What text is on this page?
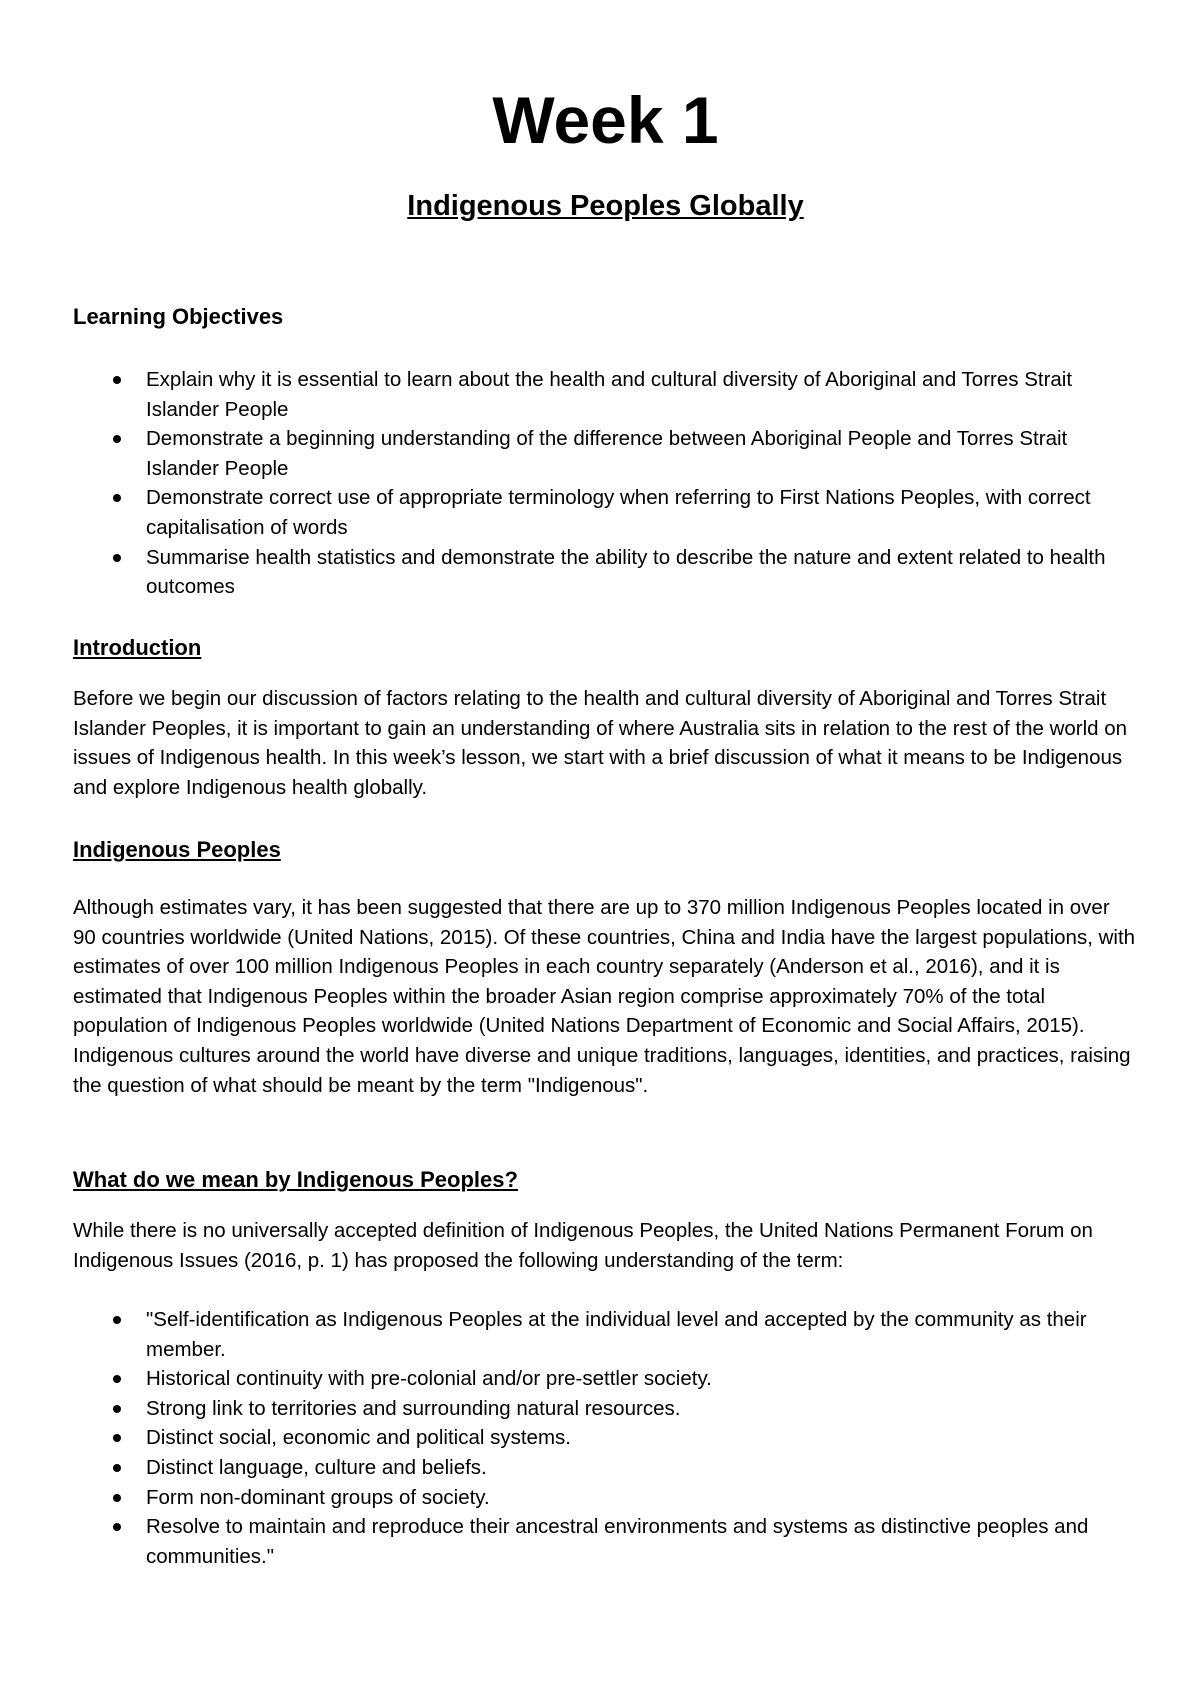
Week 1
Indigenous Peoples Globally
Learning Objectives
Explain why it is essential to learn about the health and cultural diversity of Aboriginal and Torres Strait Islander People
Demonstrate a beginning understanding of the difference between Aboriginal People and Torres Strait Islander People
Demonstrate correct use of appropriate terminology when referring to First Nations Peoples, with correct capitalisation of words
Summarise health statistics and demonstrate the ability to describe the nature and extent related to health outcomes
Introduction

Before we begin our discussion of factors relating to the health and cultural diversity of Aboriginal and Torres Strait Islander Peoples, it is important to gain an understanding of where Australia sits in relation to the rest of the world on issues of Indigenous health. In this week’s lesson, we start with a brief discussion of what it means to be Indigenous and explore Indigenous health globally.

Indigenous Peoples

Although estimates vary, it has been suggested that there are up to 370 million Indigenous Peoples located in over 90 countries worldwide (United Nations, 2015). Of these countries, China and India have the largest populations, with estimates of over 100 million Indigenous Peoples in each country separately (Anderson et al., 2016), and it is estimated that Indigenous Peoples within the broader Asian region comprise approximately 70% of the total population of Indigenous Peoples worldwide (United Nations Department of Economic and Social Affairs, 2015). Indigenous cultures around the world have diverse and unique traditions, languages, identities, and practices, raising the question of what should be meant by the term "Indigenous".

What do we mean by Indigenous Peoples?

While there is no universally accepted definition of Indigenous Peoples, the United Nations Permanent Forum on Indigenous Issues (2016, p. 1) has proposed the following understanding of the term:

"Self-identification as Indigenous Peoples at the individual level and accepted by the community as their member.
Historical continuity with pre-colonial and/or pre-settler society.
Strong link to territories and surrounding natural resources.
Distinct social, economic and political systems.
Distinct language, culture and beliefs.
Form non-dominant groups of society.
Resolve to maintain and reproduce their ancestral environments and systems as distinctive peoples and communities."
